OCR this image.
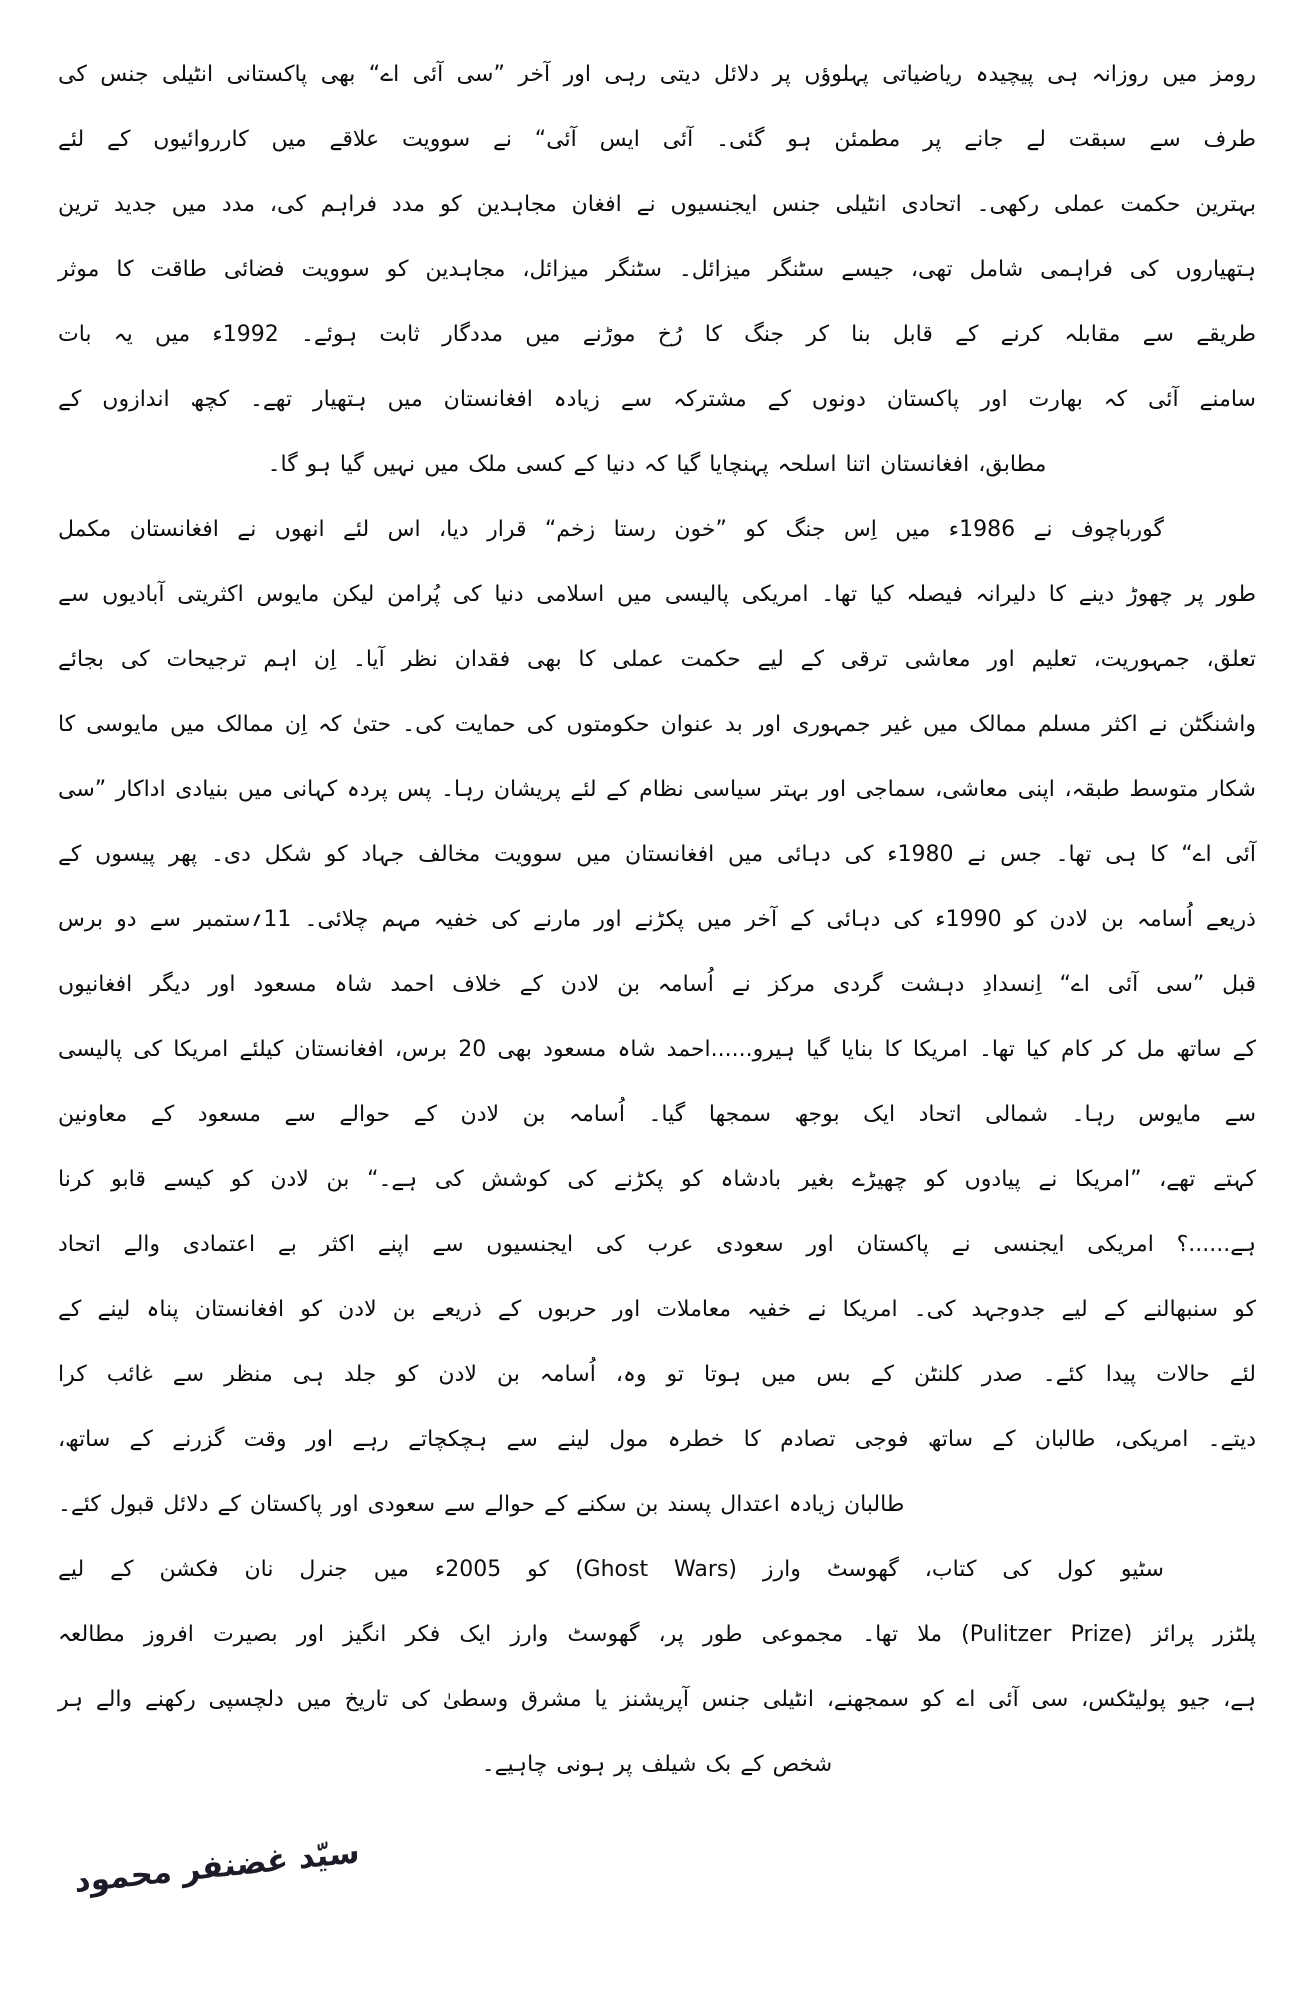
رومز میں روزانہ ہی پیچیدہ ریاضیاتی پہلوؤں پر دلائل دیتی رہی اور آخر ”سی آئی اے“ بھی پاکستانی انٹیلی جنس کی
طرف سے سبقت لے جانے پر مطمئن ہو گئی۔ آئی ایس آئی“ نے سوویت علاقے میں کارروائیوں کے لئے
بہترین حکمت عملی رکھی۔ اتحادی انٹیلی جنس ایجنسیوں نے افغان مجاہدین کو مدد فراہم کی، مدد میں جدید ترین
ہتھیاروں کی فراہمی شامل تھی، جیسے سٹنگر میزائل۔ سٹنگر میزائل، مجاہدین کو سوویت فضائی طاقت کا موثر
طریقے سے مقابلہ کرنے کے قابل بنا کر جنگ کا رُخ موڑنے میں مددگار ثابت ہوئے۔ 1992ء میں یہ بات
سامنے آئی کہ بھارت اور پاکستان دونوں کے مشترکہ سے زیادہ افغانستان میں ہتھیار تھے۔ کچھ اندازوں کے
مطابق، افغانستان اتنا اسلحہ پہنچایا گیا کہ دنیا کے کسی ملک میں نہیں گیا ہو گا۔
گورباچوف نے 1986ء میں اِس جنگ کو ”خون رستا زخم“ قرار دیا، اس لئے انھوں نے افغانستان مکمل
طور پر چھوڑ دینے کا دلیرانہ فیصلہ کیا تھا۔ امریکی پالیسی میں اسلامی دنیا کی پُرامن لیکن مایوس اکثریتی آبادیوں سے
تعلق، جمہوریت، تعلیم اور معاشی ترقی کے لیے حکمت عملی کا بھی فقدان نظر آیا۔ اِن اہم ترجیحات کی بجائے
واشنگٹن نے اکثر مسلم ممالک میں غیر جمہوری اور بد عنوان حکومتوں کی حمایت کی۔ حتیٰ کہ اِن ممالک میں مایوسی کا
شکار متوسط طبقہ، اپنی معاشی، سماجی اور بہتر سیاسی نظام کے لئے پریشان رہا۔ پس پردہ کہانی میں بنیادی اداکار ”سی
آئی اے“ کا ہی تھا۔ جس نے 1980ء کی دہائی میں افغانستان میں سوویت مخالف جہاد کو شکل دی۔ پھر پیسوں کے
ذریعے اُسامہ بن لادن کو 1990ء کی دہائی کے آخر میں پکڑنے اور مارنے کی خفیہ مہم چلائی۔ 11؍ستمبر سے دو برس
قبل ”سی آئی اے“ اِنسدادِ دہشت گردی مرکز نے اُسامہ بن لادن کے خلاف احمد شاہ مسعود اور دیگر افغانیوں
کے ساتھ مل کر کام کیا تھا۔ امریکا کا بنایا گیا ہیرو......احمد شاہ مسعود بھی 20 برس، افغانستان کیلئے امریکا کی پالیسی
سے مایوس رہا۔ شمالی اتحاد ایک بوجھ سمجھا گیا۔ اُسامہ بن لادن کے حوالے سے مسعود کے معاونین
کہتے تھے، ”امریکا نے پیادوں کو چھیڑے بغیر بادشاہ کو پکڑنے کی کوشش کی ہے۔“ بن لادن کو کیسے قابو کرنا
ہے......؟ امریکی ایجنسی نے پاکستان اور سعودی عرب کی ایجنسیوں سے اپنے اکثر بے اعتمادی والے اتحاد
کو سنبھالنے کے لیے جدوجہد کی۔ امریکا نے خفیہ معاملات اور حربوں کے ذریعے بن لادن کو افغانستان پناہ لینے کے
لئے حالات پیدا کئے۔ صدر کلنٹن کے بس میں ہوتا تو وہ، اُسامہ بن لادن کو جلد ہی منظر سے غائب کرا
دیتے۔ امریکی، طالبان کے ساتھ فوجی تصادم کا خطرہ مول لینے سے ہچکچاتے رہے اور وقت گزرنے کے ساتھ،
طالبان زیادہ اعتدال پسند بن سکنے کے حوالے سے سعودی اور پاکستان کے دلائل قبول کئے۔
سٹیو کول کی کتاب، گھوسٹ وارز (Ghost Wars) کو 2005ء میں جنرل نان فکشن کے لیے
پلٹزر پرائز (Pulitzer Prize) ملا تھا۔ مجموعی طور پر، گھوسٹ وارز ایک فکر انگیز اور بصیرت افروز مطالعہ
ہے، جیو پولیٹکس، سی آئی اے کو سمجھنے، انٹیلی جنس آپریشنز یا مشرق وسطیٰ کی تاریخ میں دلچسپی رکھنے والے ہر
شخص کے بک شیلف پر ہونی چاہیے۔
سیّد غضنفر محمود
